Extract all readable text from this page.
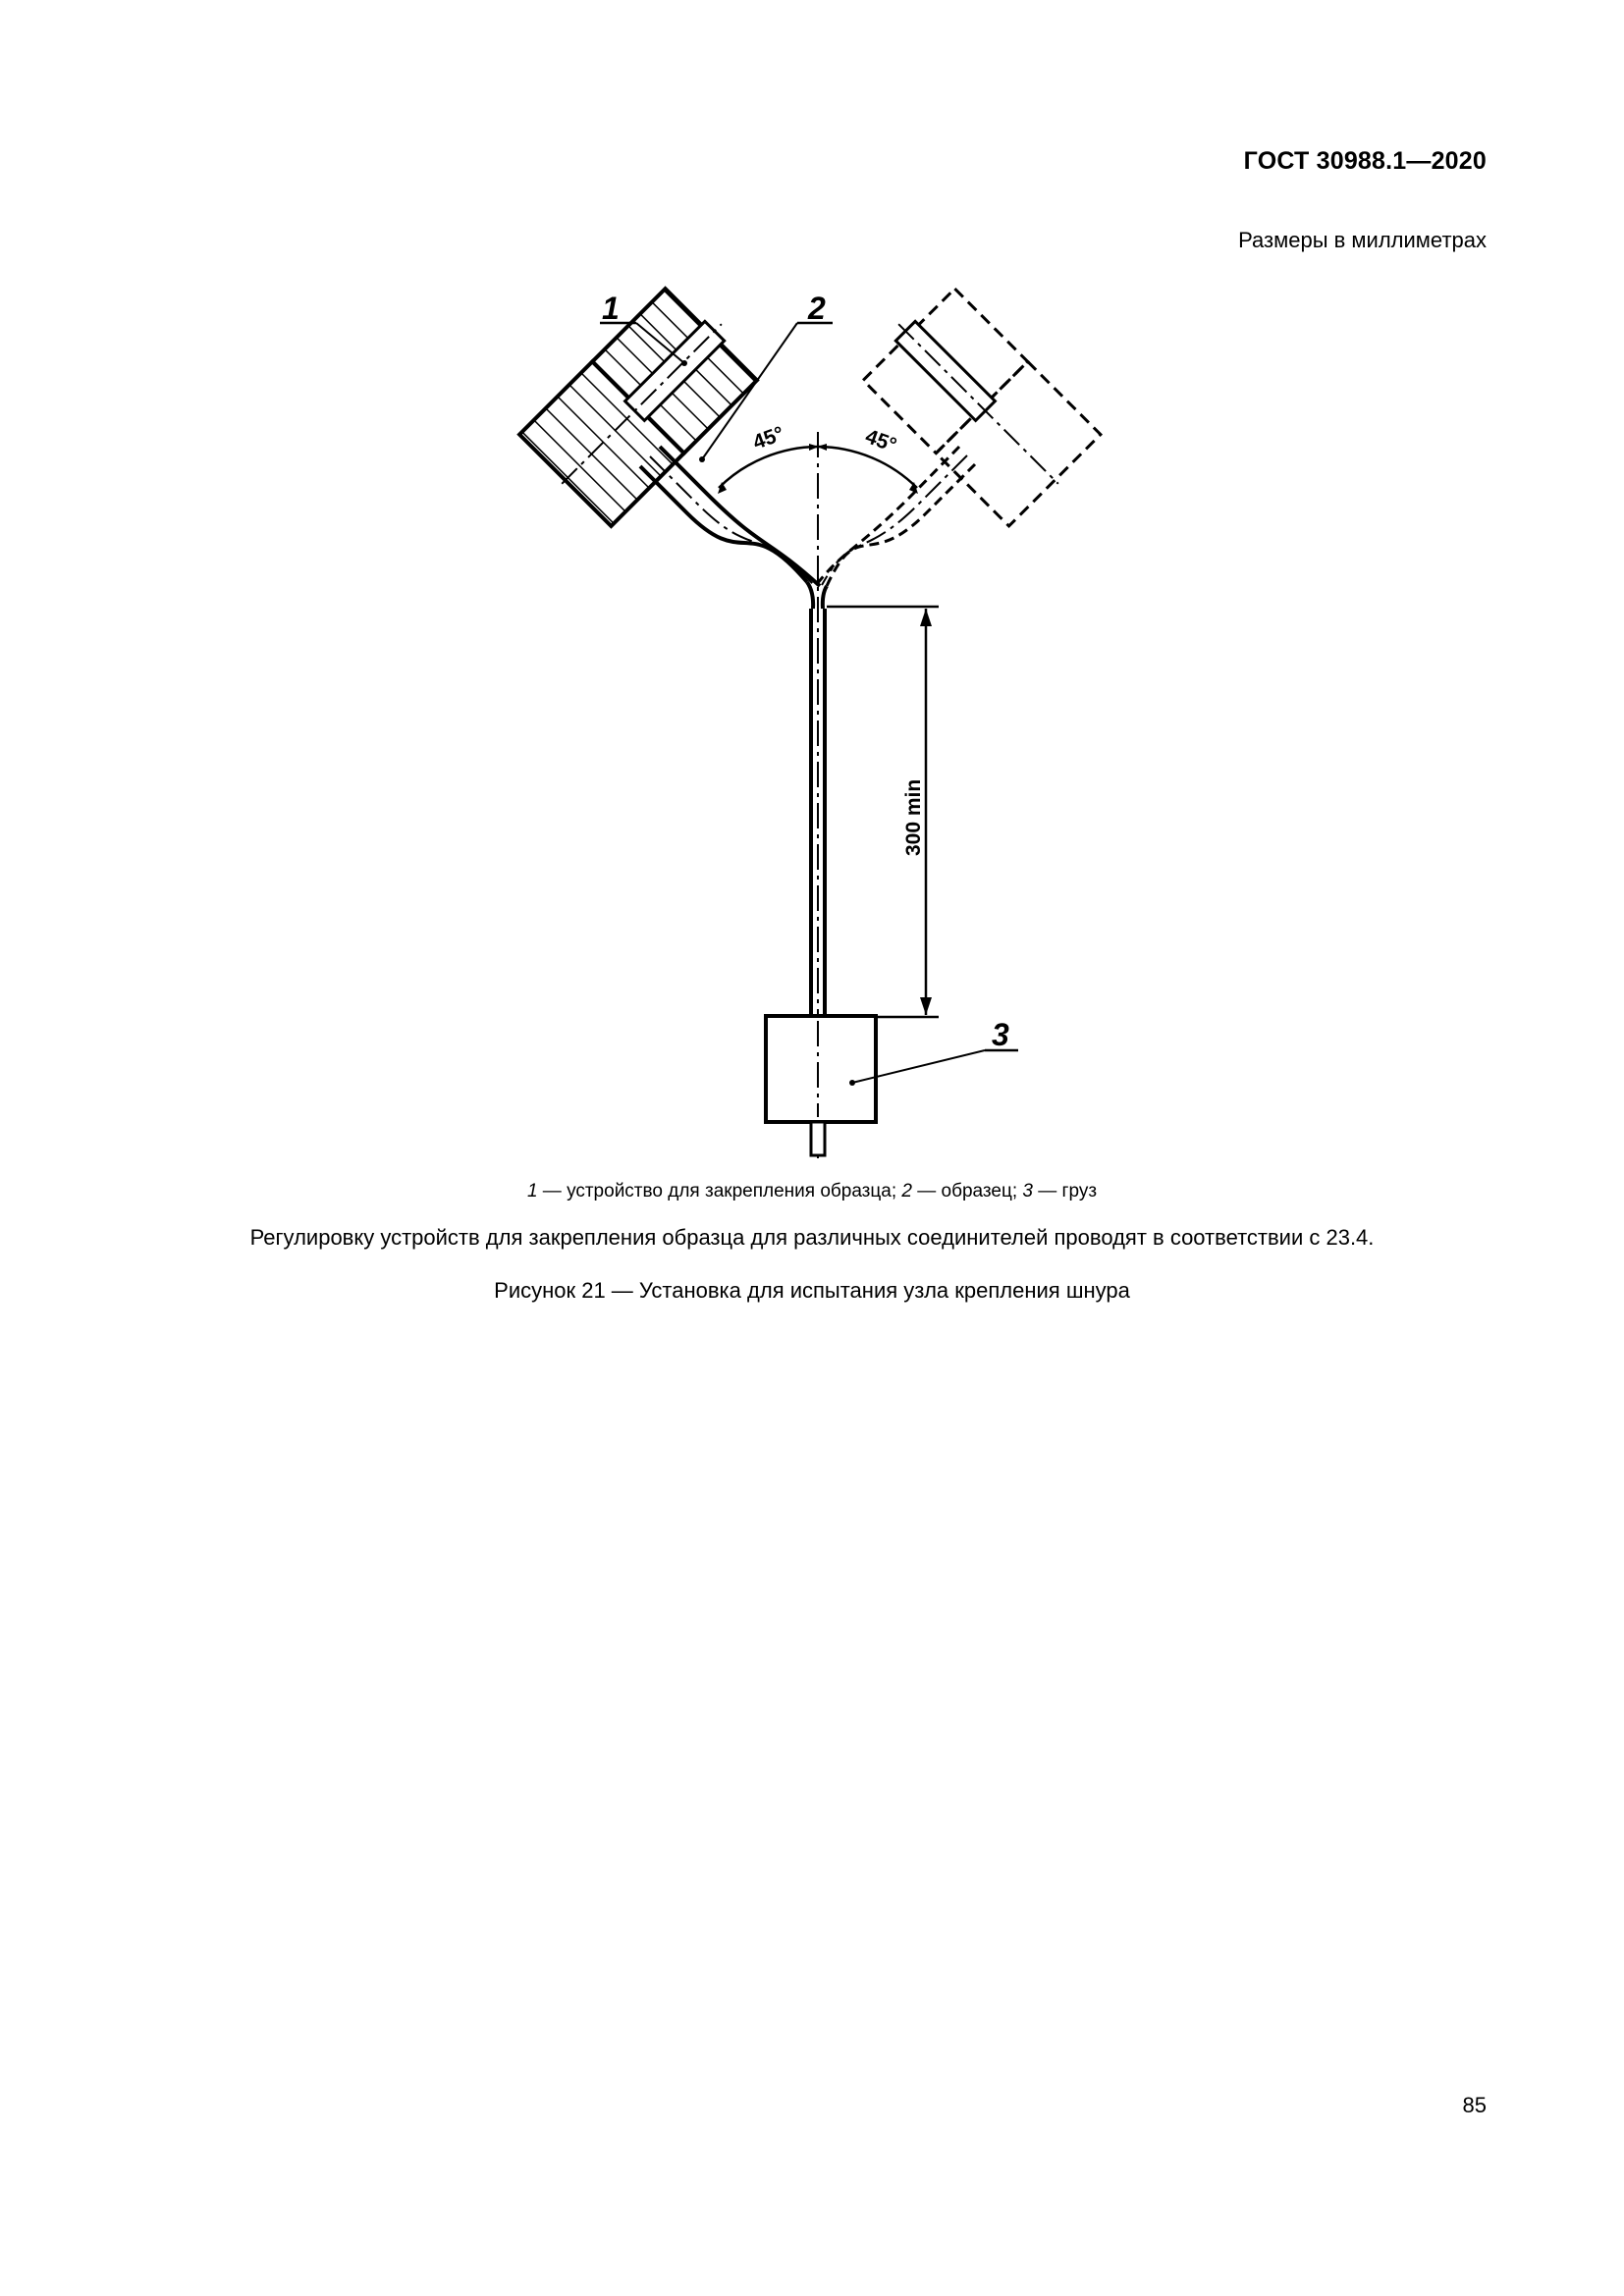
ГОСТ 30988.1—2020
Размеры в миллиметрах
45°	45°
300 min
1	2
3
1 — устройство для закрепления образца; 2 — образец; 3 — груз
Регулировку устройств для закрепления образца для различных соединителей проводят в соответствии с 23.4.
Рисунок 21 — Установка для испытания узла крепления шнура
85
